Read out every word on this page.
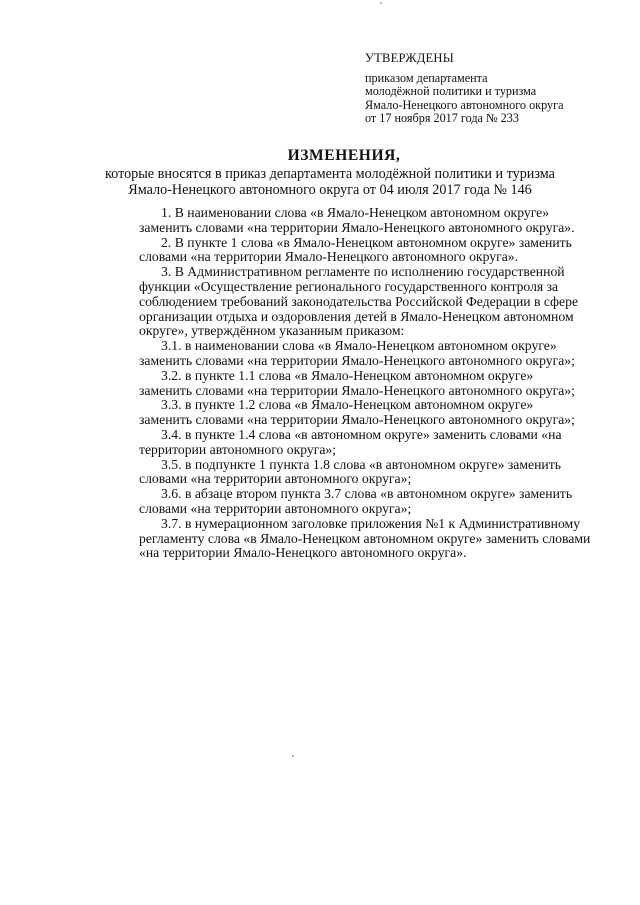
УТВЕРЖДЕНЫ
приказом департамента
молодёжной политики и туризма
Ямало-Ненецкого автономного округа
от 17 ноября 2017 года № 233
ИЗМЕНЕНИЯ,
которые вносятся в приказ департамента молодёжной политики и туризма
Ямало-Ненецкого автономного округа от 04 июля 2017 года № 146
1. В наименовании слова «в Ямало-Ненецком автономном округе»
заменить словами «на территории Ямало-Ненецкого автономного округа».
2. В пункте 1 слова «в Ямало-Ненецком автономном округе» заменить
словами «на территории Ямало-Ненецкого автономного округа».
3. В Административном регламенте по исполнению государственной
функции «Осуществление регионального государственного контроля за
соблюдением требований законодательства Российской Федерации в сфере
организации отдыха и оздоровления детей в Ямало-Ненецком автономном
округе», утверждённом указанным приказом:
3.1. в наименовании слова «в Ямало-Ненецком автономном округе»
заменить словами «на территории Ямало-Ненецкого автономного округа»;
3.2. в пункте 1.1 слова «в Ямало-Ненецком автономном округе»
заменить словами «на территории Ямало-Ненецкого автономного округа»;
3.3. в пункте 1.2 слова «в Ямало-Ненецком автономном округе»
заменить словами «на территории Ямало-Ненецкого автономного округа»;
3.4. в пункте 1.4 слова «в автономном округе» заменить словами «на
территории автономного округа»;
3.5. в подпункте 1 пункта 1.8 слова «в автономном округе» заменить
словами «на территории автономного округа»;
3.6. в абзаце втором пункта 3.7 слова «в автономном округе» заменить
словами «на территории автономного округа»;
3.7. в нумерационном заголовке приложения №1 к Административному
регламенту слова «в Ямало-Ненецком автономном округе» заменить словами
«на территории Ямало-Ненецкого автономного округа».
